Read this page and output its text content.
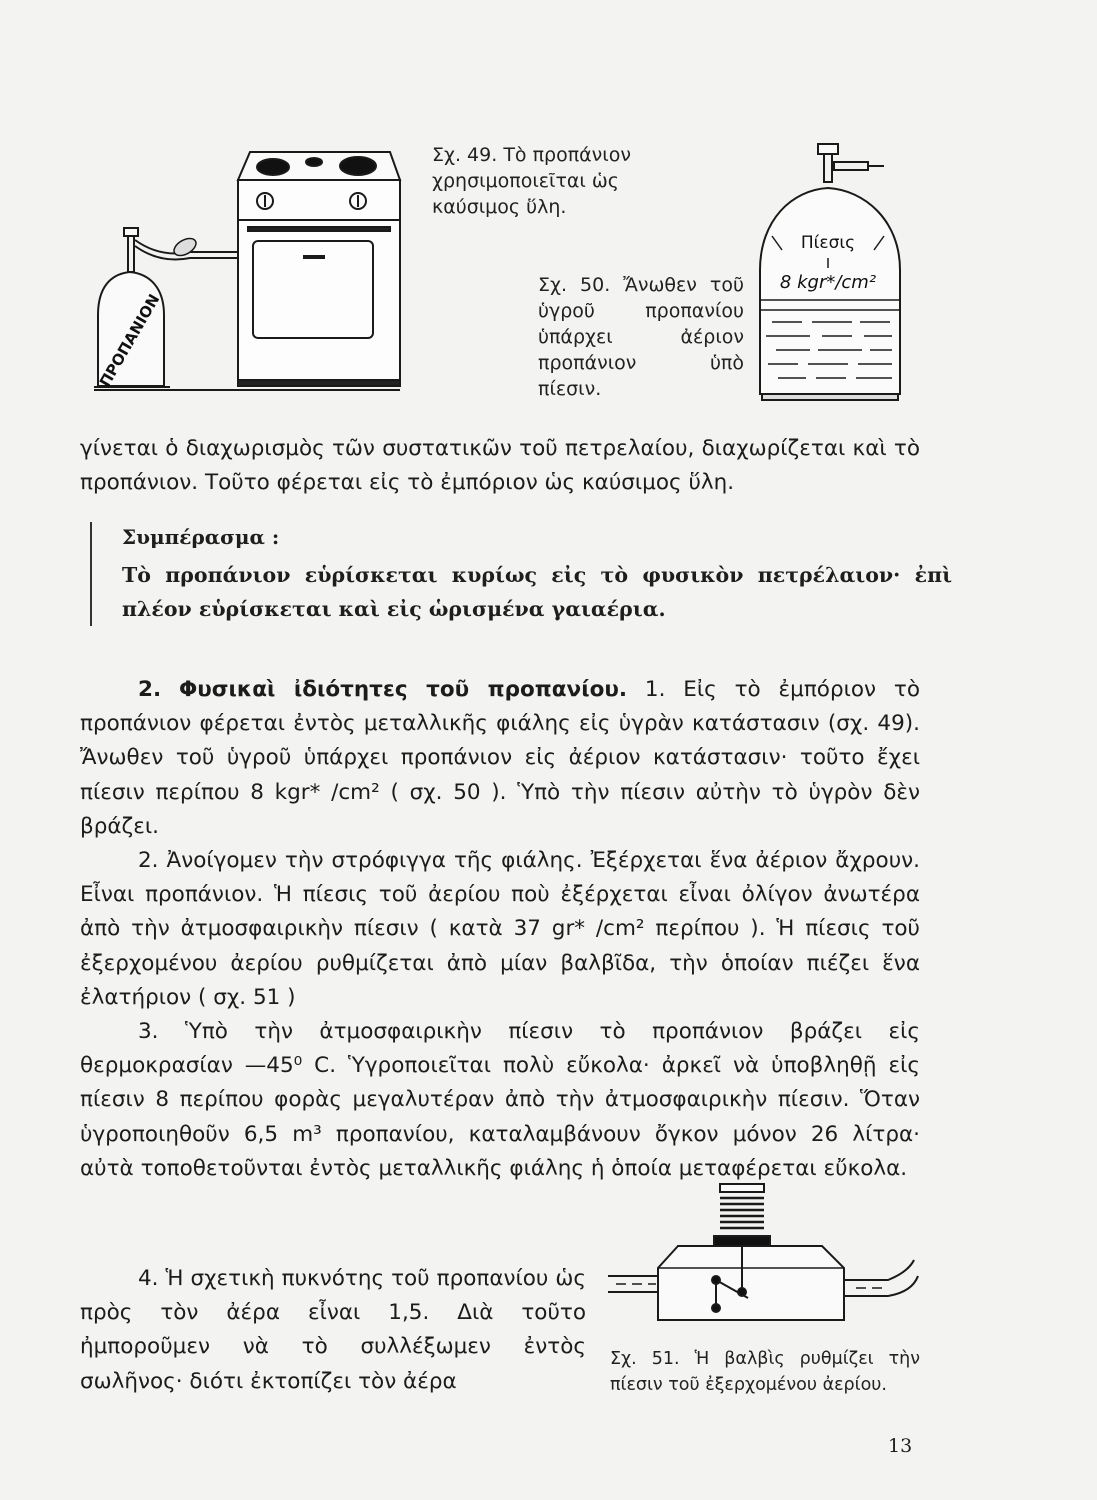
ΠΡΟΠΑΝΙΟΝ
Σχ. 49. Τὸ προπάνιον χρησιμοποιεῖται ὡς καύσιμος ὕλη.
Σχ. 50. Ἄνωθεν τοῦ ὑγροῦ προπανίου ὑπάρχει ἀέριον προπάνιον ὑπὸ πίεσιν.
Πίεσις
8 kgr*/cm²
γίνεται ὁ διαχωρισμὸς τῶν συστατικῶν τοῦ πετρελαίου, διαχωρίζεται καὶ τὸ προπάνιον. Τοῦτο φέρεται εἰς τὸ ἐμπόριον ὡς καύσιμος ὕλη.
Συμπέρασμα :
Τὸ προπάνιον εὑρίσκεται κυρίως εἰς τὸ φυσικὸν πετρέλαιον· ἐπὶ πλέον εὑρίσκεται καὶ εἰς ὡρισμένα γαιαέρια.

2. Φυσικαὶ ἰδιότητες τοῦ προπανίου. 1. Εἰς τὸ ἐμπόριον τὸ προπάνιον φέρεται ἐντὸς μεταλλικῆς φιάλης εἰς ὑγρὰν κατάστασιν (σχ. 49). Ἄνωθεν τοῦ ὑγροῦ ὑπάρχει προπάνιον εἰς ἀέριον κατάστασιν· τοῦτο ἔχει πίεσιν περίπου 8 kgr* /cm² ( σχ. 50 ). Ὑπὸ τὴν πίεσιν αὐτὴν τὸ ὑγρὸν δὲν βράζει.

2. Ἀνοίγομεν τὴν στρόφιγγα τῆς φιάλης. Ἐξέρχεται ἕνα ἀέριον ἄχρουν. Εἶναι προπάνιον. Ἡ πίεσις τοῦ ἀερίου ποὺ ἐξέρχεται εἶναι ὀλίγον ἀνωτέρα ἀπὸ τὴν ἀτμοσφαιρικὴν πίεσιν ( κατὰ 37 gr* /cm² περίπου ). Ἡ πίεσις τοῦ ἐξερχομένου ἀερίου ρυθμίζεται ἀπὸ μίαν βαλβῖδα, τὴν ὁποίαν πιέζει ἕνα ἐλατήριον ( σχ. 51 )

3. Ὑπὸ τὴν ἀτμοσφαιρικὴν πίεσιν τὸ προπάνιον βράζει εἰς θερμοκρασίαν —45⁰ C. Ὑγροποιεῖται πολὺ εὔκολα· ἀρκεῖ νὰ ὑποβληθῇ εἰς πίεσιν 8 περίπου φορὰς μεγαλυτέραν ἀπὸ τὴν ἀτμοσφαιρικὴν πίεσιν. Ὅταν ὑγροποιηθοῦν 6,5 m³ προπανίου, καταλαμβάνουν ὄγκον μόνον 26 λίτρα· αὐτὰ τοποθετοῦνται ἐντὸς μεταλλικῆς φιάλης ἡ ὁποία μεταφέρεται εὔκολα.

4. Ἡ σχετικὴ πυκνότης τοῦ προπανίου ὡς πρὸς τὸν ἀέρα εἶναι 1,5. Διὰ τοῦτο ἠμποροῦμεν νὰ τὸ συλλέξωμεν ἐντὸς σωλῆνος· διότι ἐκτοπίζει τὸν ἀέρα
Σχ. 51. Ἡ βαλβὶς ρυθμίζει τὴν πίεσιν τοῦ ἐξερχομένου ἀερίου.
13
